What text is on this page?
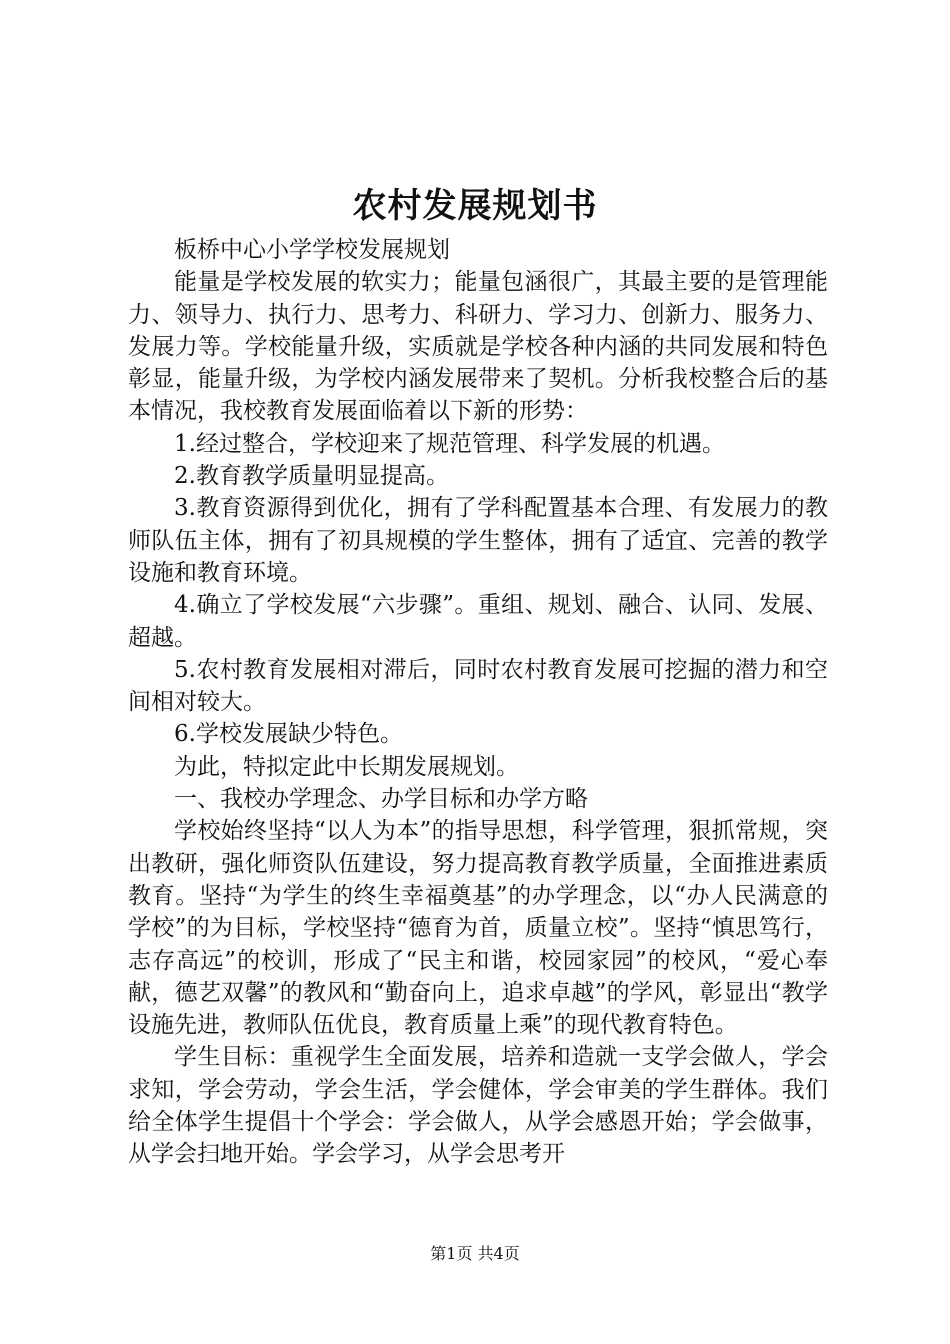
农村发展规划书

板桥中心小学学校发展规划

能量是学校发展的软实力；能量包涵很广，其最主要的是管理能力、领导力、执行力、思考力、科研力、学习力、创新力、服务力、发展力等。学校能量升级，实质就是学校各种内涵的共同发展和特色彰显，能量升级，为学校内涵发展带来了契机。分析我校整合后的基本情况，我校教育发展面临着以下新的形势：

1.经过整合，学校迎来了规范管理、科学发展的机遇。

2.教育教学质量明显提高。

3.教育资源得到优化，拥有了学科配置基本合理、有发展力的教师队伍主体，拥有了初具规模的学生整体，拥有了适宜、完善的教学设施和教育环境。

4.确立了学校发展“六步骤”。重组、规划、融合、认同、发展、超越。

5.农村教育发展相对滞后，同时农村教育发展可挖掘的潜力和空间相对较大。

6.学校发展缺少特色。

为此，特拟定此中长期发展规划。

一、我校办学理念、办学目标和办学方略

学校始终坚持“以人为本”的指导思想，科学管理，狠抓常规，突出教研，强化师资队伍建设，努力提高教育教学质量，全面推进素质教育。坚持“为学生的终生幸福奠基”的办学理念，以“办人民满意的学校”的为目标，学校坚持“德育为首，质量立校”。坚持“慎思笃行，志存高远”的校训，形成了“民主和谐，校园家园”的校风，“爱心奉献，德艺双馨”的教风和“勤奋向上，追求卓越”的学风，彰显出“教学设施先进，教师队伍优良，教育质量上乘”的现代教育特色。

学生目标：重视学生全面发展，培养和造就一支学会做人，学会求知，学会劳动，学会生活，学会健体，学会审美的学生群体。我们给全体学生提倡十个学会：学会做人，从学会感恩开始；学会做事，从学会扫地开始。学会学习，从学会思考开

第1页 共4页
